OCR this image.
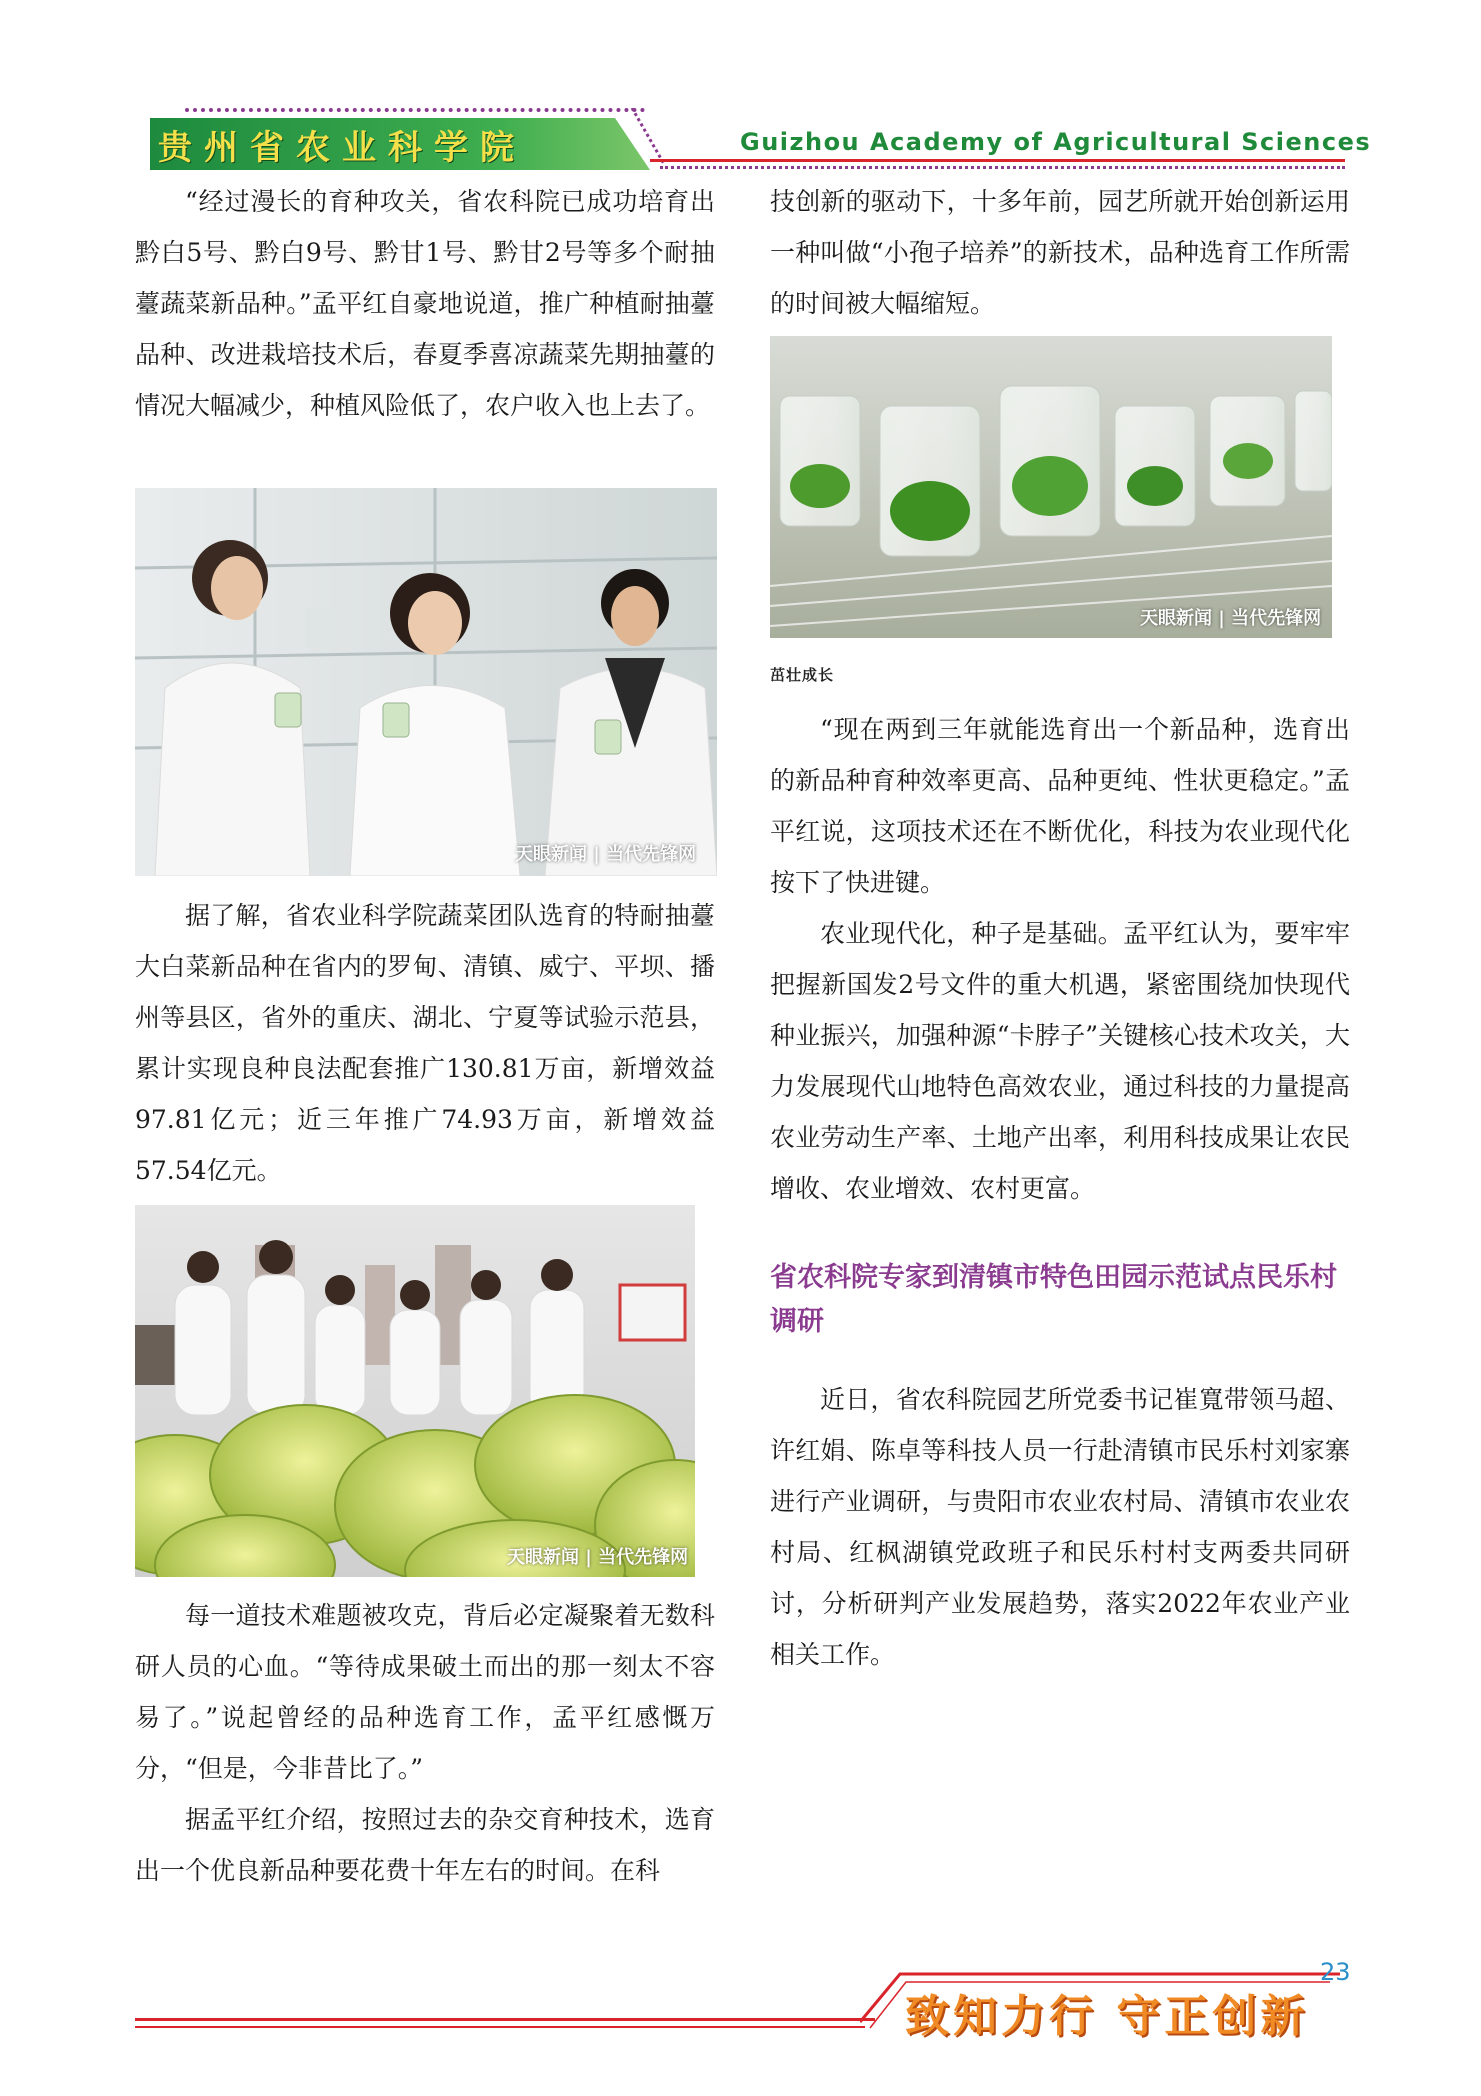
贵州省农业科学院	Guizhou Academy of Agricultural Sciences

“经过漫长的育种攻关，省农科院已成功培育出黔白5号、黔白9号、黔甘1号、黔甘2号等多个耐抽薹蔬菜新品种。”孟平红自豪地说道，推广种植耐抽薹品种、改进栽培技术后，春夏季喜凉蔬菜先期抽薹的情况大幅减少，种植风险低了，农户收入也上去了。

天眼新闻 | 当代先锋网

据了解，省农业科学院蔬菜团队选育的特耐抽薹大白菜新品种在省内的罗甸、清镇、威宁、平坝、播州等县区，省外的重庆、湖北、宁夏等试验示范县，累计实现良种良法配套推广130.81万亩，新增效益97.81亿元；近三年推广74.93万亩，新增效益57.54亿元。

天眼新闻 | 当代先锋网

每一道技术难题被攻克，背后必定凝聚着无数科研人员的心血。“等待成果破土而出的那一刻太不容易了。”说起曾经的品种选育工作，孟平红感慨万分，“但是，今非昔比了。”

据孟平红介绍，按照过去的杂交育种技术，选育出一个优良新品种要花费十年左右的时间。在科

技创新的驱动下，十多年前，园艺所就开始创新运用一种叫做“小孢子培养”的新技术，品种选育工作所需的时间被大幅缩短。

天眼新闻 | 当代先锋网
茁壮成长

“现在两到三年就能选育出一个新品种，选育出的新品种育种效率更高、品种更纯、性状更稳定。”孟平红说，这项技术还在不断优化，科技为农业现代化按下了快进键。

农业现代化，种子是基础。孟平红认为，要牢牢把握新国发2号文件的重大机遇，紧密围绕加快现代种业振兴，加强种源“卡脖子”关键核心技术攻关，大力发展现代山地特色高效农业，通过科技的力量提高农业劳动生产率、土地产出率，利用科技成果让农民增收、农业增效、农村更富。

省农科院专家到清镇市特色田园示范试点民乐村调研

近日，省农科院园艺所党委书记崔寬带领马超、许红娟、陈卓等科技人员一行赴清镇市民乐村刘家寨进行产业调研，与贵阳市农业农村局、清镇市农业农村局、红枫湖镇党政班子和民乐村村支两委共同研讨，分析研判产业发展趋势，落实2022年农业产业相关工作。

23
致知力行 守正创新
